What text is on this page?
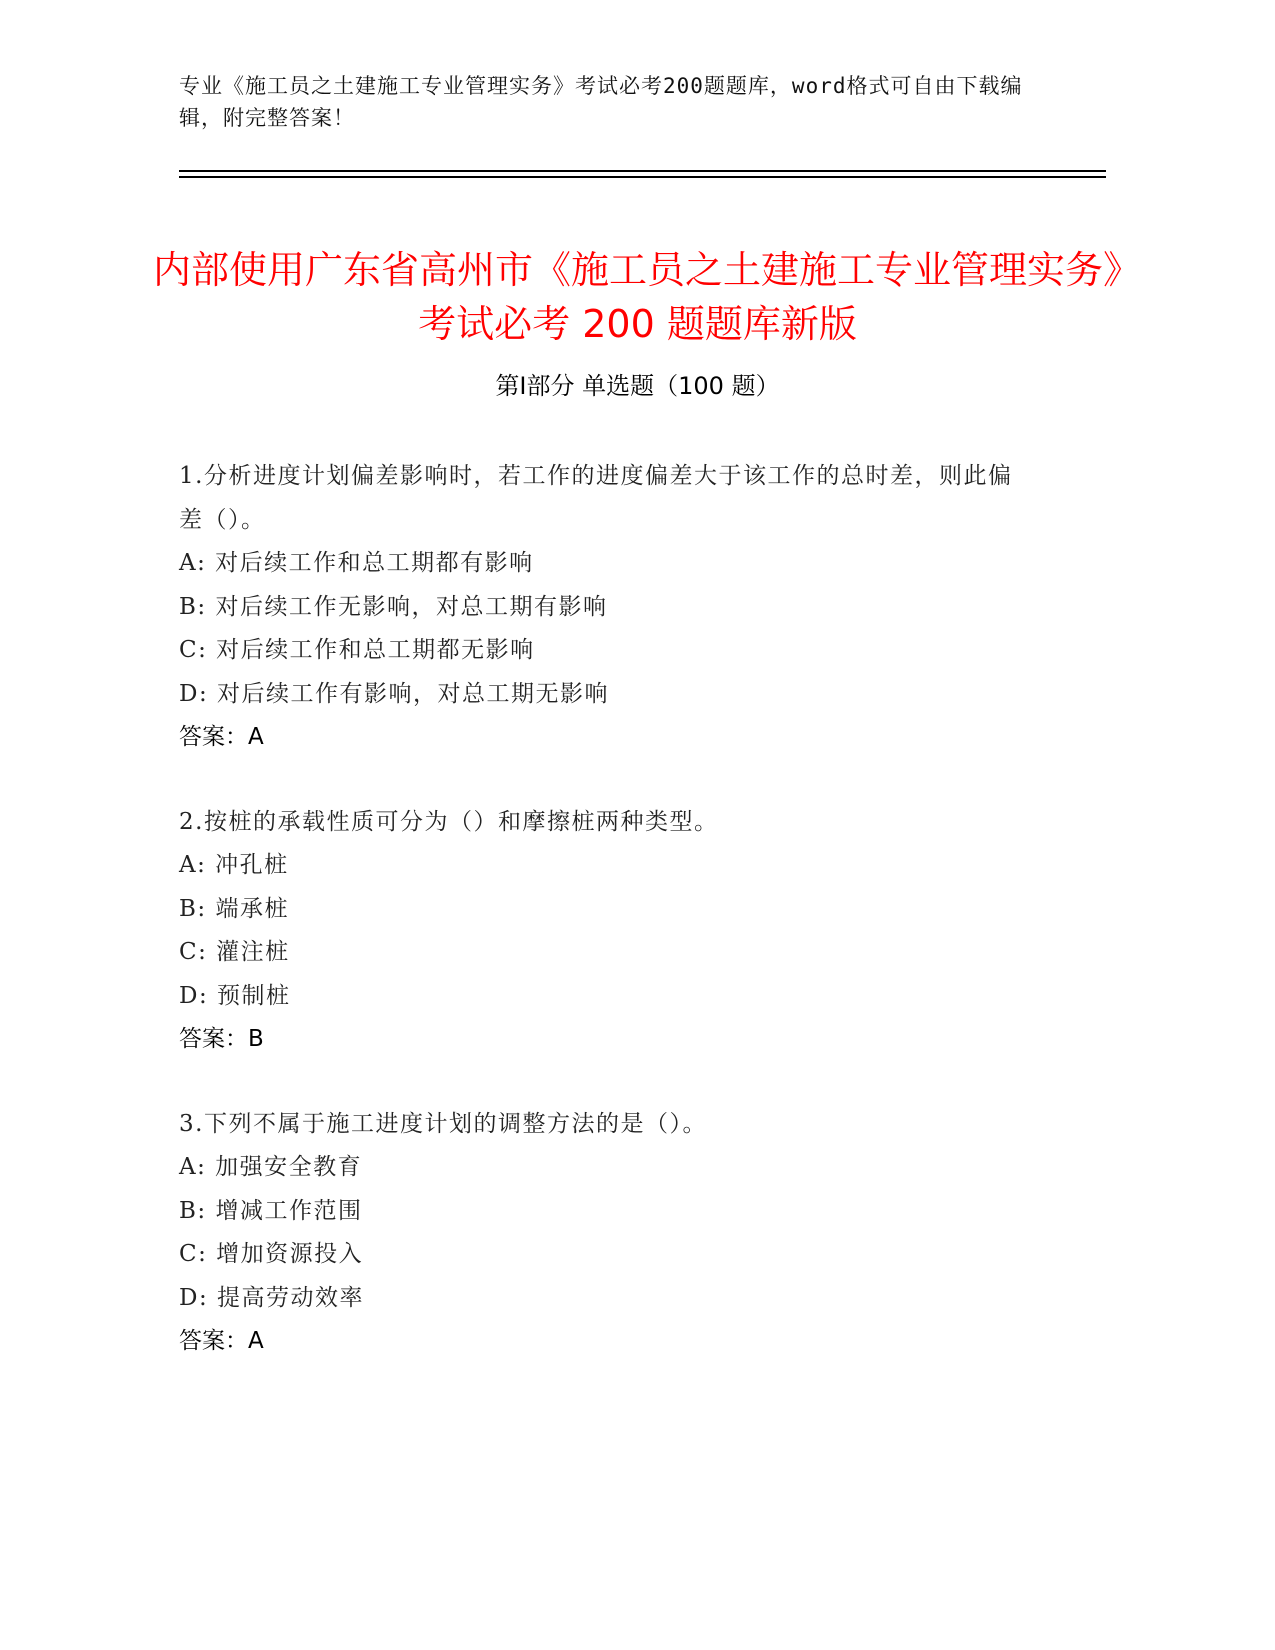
专业《施工员之土建施工专业管理实务》考试必考200题题库，word格式可自由下载编辑，附完整答案！
内部使用广东省高州市《施工员之土建施工专业管理实务》考试必考 200 题题库新版
第Ⅰ部分 单选题（100 题）
1.分析进度计划偏差影响时，若工作的进度偏差大于该工作的总时差，则此偏差（）。
A: 对后续工作和总工期都有影响
B: 对后续工作无影响，对总工期有影响
C: 对后续工作和总工期都无影响
D: 对后续工作有影响，对总工期无影响
答案：A
2.按桩的承载性质可分为（）和摩擦桩两种类型。
A: 冲孔桩
B: 端承桩
C: 灌注桩
D: 预制桩
答案：B
3.下列不属于施工进度计划的调整方法的是（）。
A: 加强安全教育
B: 增减工作范围
C: 增加资源投入
D: 提高劳动效率
答案：A
